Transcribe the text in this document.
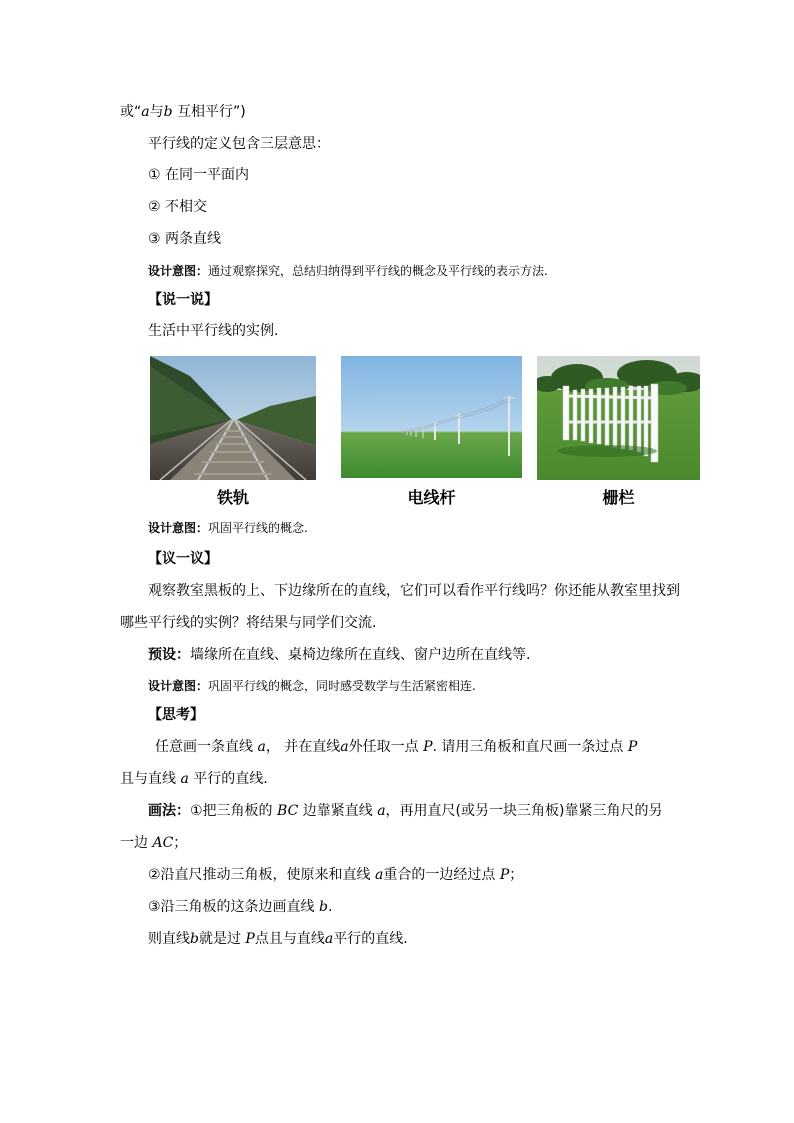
或“a与b 互相平行”)
平行线的定义包含三层意思：
① 在同一平面内
② 不相交
③ 两条直线
设计意图：通过观察探究，总结归纳得到平行线的概念及平行线的表示方法.
【说一说】
生活中平行线的实例.
铁轨	电线杆	栅栏
设计意图：巩固平行线的概念.
【议一议】
观察教室黑板的上、下边缘所在的直线，它们可以看作平行线吗？你还能从教室里找到
哪些平行线的实例？将结果与同学们交流.
预设：墙缘所在直线、桌椅边缘所在直线、窗户边所在直线等.
设计意图：巩固平行线的概念，同时感受数学与生活紧密相连.
【思考】
任意画一条直线 a， 并在直线a外任取一点 P. 请用三角板和直尺画一条过点 P
且与直线 a 平行的直线.
画法：①把三角板的 BC 边靠紧直线 a，再用直尺(或另一块三角板)靠紧三角尺的另
一边 AC；
②沿直尺推动三角板，使原来和直线 a重合的一边经过点 P；
③沿三角板的这条边画直线 b.
则直线b就是过 P点且与直线a平行的直线.
